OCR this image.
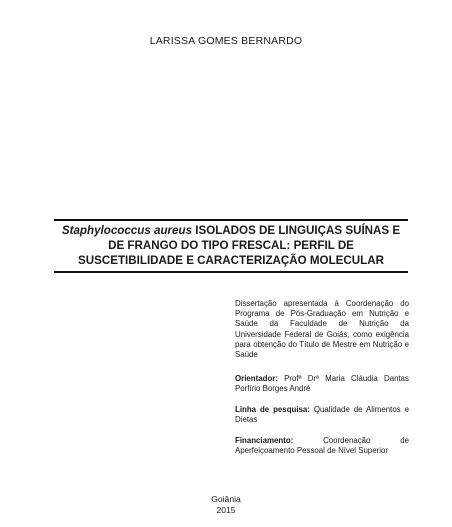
LARISSA GOMES BERNARDO
Staphylococcus aureus ISOLADOS DE LINGUIÇAS SUÍNAS E DE FRANGO DO TIPO FRESCAL: PERFIL DE SUSCETIBILIDADE E CARACTERIZAÇÃO MOLECULAR
Dissertação apresentada à Coordenação do Programa de Pós-Graduação em Nutrição e Saúde da Faculdade de Nutrição da Universidade Federal de Goiás, como exigência para obtenção do Título de Mestre em Nutrição e Saúde
Orientador: Profª Drª Maria Cláudia Dantas Porfírio Borges André
Linha de pesquisa: Qualidade de Alimentos e Dietas
Financiamento: Coordenação de Aperfeiçoamento Pessoal de Nível Superior
Goiânia
2015
